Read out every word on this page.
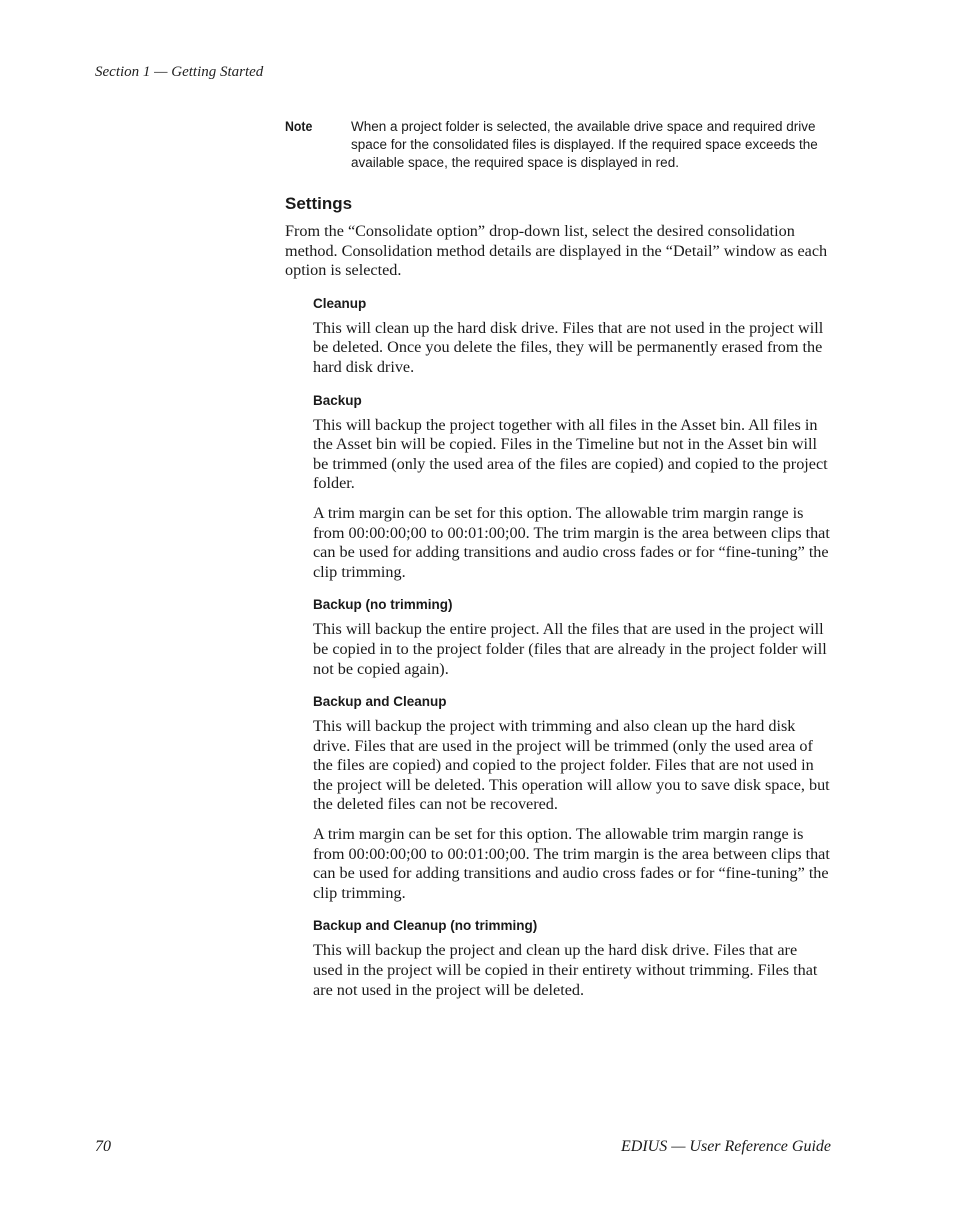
Section 1 — Getting Started
Note	When a project folder is selected, the available drive space and required drive space for the consolidated files is displayed. If the required space exceeds the available space, the required space is displayed in red.
Settings

From the “Consolidate option” drop-down list, select the desired consolidation method. Consolidation method details are displayed in the “Detail” window as each option is selected.

Cleanup

This will clean up the hard disk drive. Files that are not used in the project will be deleted. Once you delete the files, they will be permanently erased from the hard disk drive.

Backup

This will backup the project together with all files in the Asset bin. All files in the Asset bin will be copied. Files in the Timeline but not in the Asset bin will be trimmed (only the used area of the files are copied) and copied to the project folder.

A trim margin can be set for this option. The allowable trim margin range is from 00:00:00;00 to 00:01:00;00. The trim margin is the area between clips that can be used for adding transitions and audio cross fades or for “fine-tuning” the clip trimming.

Backup (no trimming)

This will backup the entire project. All the files that are used in the project will be copied in to the project folder (files that are already in the project folder will not be copied again).

Backup and Cleanup

This will backup the project with trimming and also clean up the hard disk drive. Files that are used in the project will be trimmed (only the used area of the files are copied) and copied to the project folder. Files that are not used in the project will be deleted. This operation will allow you to save disk space, but the deleted files can not be recovered.

A trim margin can be set for this option. The allowable trim margin range is from 00:00:00;00 to 00:01:00;00. The trim margin is the area between clips that can be used for adding transitions and audio cross fades or for “fine-tuning” the clip trimming.

Backup and Cleanup (no trimming)

This will backup the project and clean up the hard disk drive. Files that are used in the project will be copied in their entirety without trimming. Files that are not used in the project will be deleted.

70	EDIUS — User Reference Guide
